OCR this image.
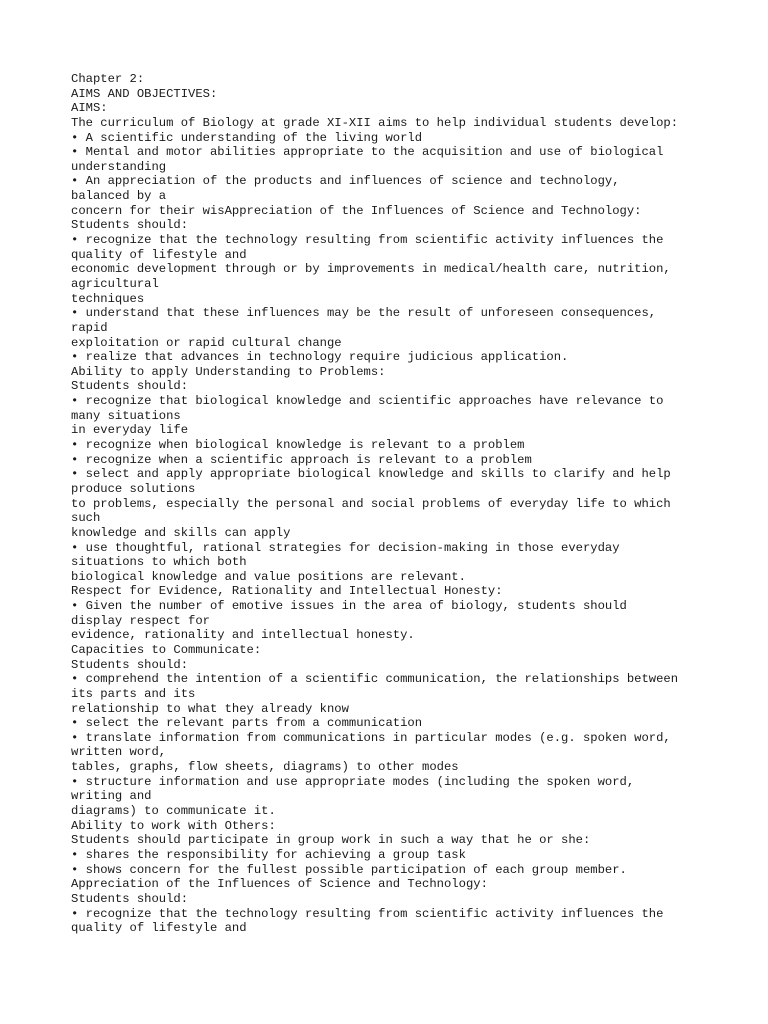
Chapter 2:
AIMS AND OBJECTIVES:
AIMS:
The curriculum of Biology at grade XI-XII aims to help individual students develop:
• A scientific understanding of the living world
• Mental and motor abilities appropriate to the acquisition and use of biological
understanding
• An appreciation of the products and influences of science and technology,
balanced by a
concern for their wisAppreciation of the Influences of Science and Technology:
Students should:
• recognize that the technology resulting from scientific activity influences the
quality of lifestyle and
economic development through or by improvements in medical/health care, nutrition,
agricultural
techniques
• understand that these influences may be the result of unforeseen consequences,
rapid
exploitation or rapid cultural change
• realize that advances in technology require judicious application.
Ability to apply Understanding to Problems:
Students should:
• recognize that biological knowledge and scientific approaches have relevance to
many situations
in everyday life
• recognize when biological knowledge is relevant to a problem
• recognize when a scientific approach is relevant to a problem
• select and apply appropriate biological knowledge and skills to clarify and help
produce solutions
to problems, especially the personal and social problems of everyday life to which
such
knowledge and skills can apply
• use thoughtful, rational strategies for decision-making in those everyday
situations to which both
biological knowledge and value positions are relevant.
Respect for Evidence, Rationality and Intellectual Honesty:
• Given the number of emotive issues in the area of biology, students should
display respect for
evidence, rationality and intellectual honesty.
Capacities to Communicate:
Students should:
• comprehend the intention of a scientific communication, the relationships between
its parts and its
relationship to what they already know
• select the relevant parts from a communication
• translate information from communications in particular modes (e.g. spoken word,
written word,
tables, graphs, flow sheets, diagrams) to other modes
• structure information and use appropriate modes (including the spoken word,
writing and
diagrams) to communicate it.
Ability to work with Others:
Students should participate in group work in such a way that he or she:
• shares the responsibility for achieving a group task
• shows concern for the fullest possible participation of each group member.
Appreciation of the Influences of Science and Technology:
Students should:
• recognize that the technology resulting from scientific activity influences the
quality of lifestyle and
